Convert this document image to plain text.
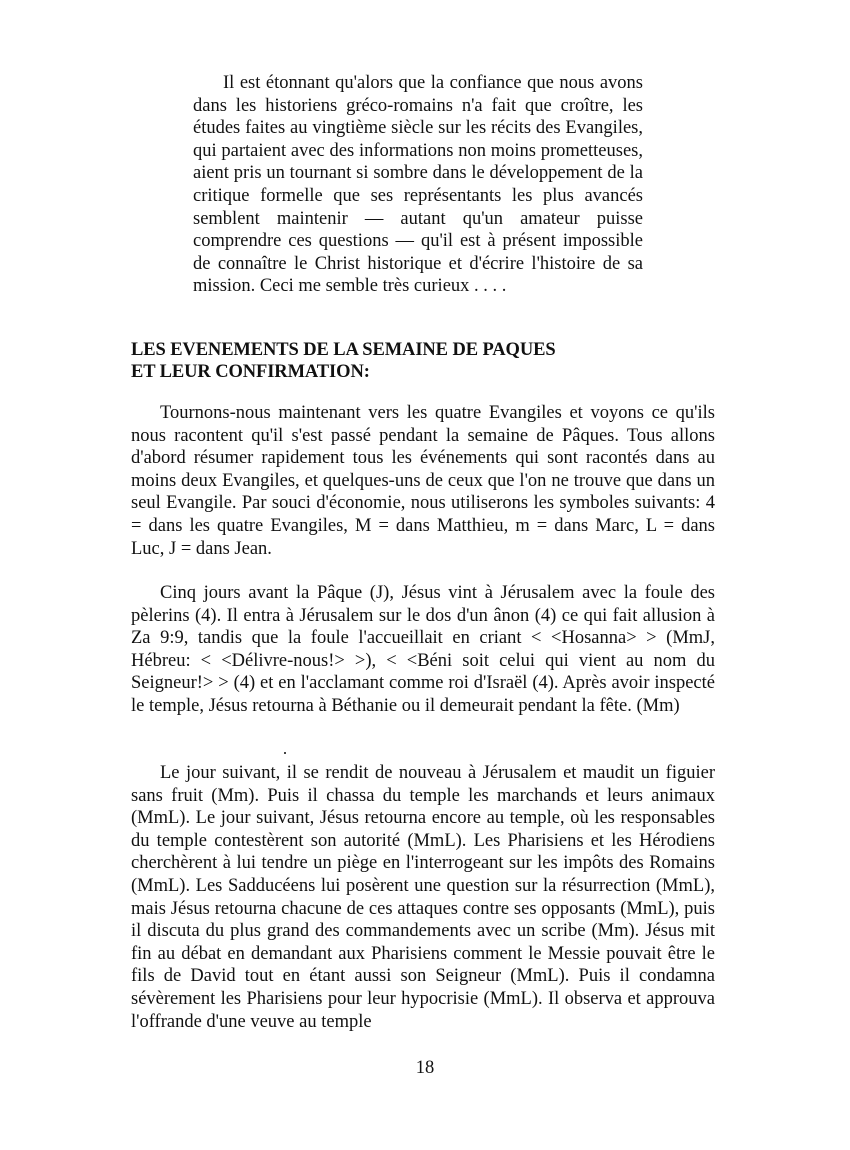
Il est étonnant qu'alors que la confiance que nous avons dans les historiens gréco-romains n'a fait que croître, les études faites au vingtième siècle sur les récits des Evangiles, qui partaient avec des informations non moins prometteuses, aient pris un tournant si sombre dans le développement de la critique formelle que ses représentants les plus avancés semblent maintenir — autant qu'un amateur puisse comprendre ces questions — qu'il est à présent impossible de connaître le Christ historique et d'écrire l'histoire de sa mission. Ceci me semble très curieux . . . .
LES EVENEMENTS DE LA SEMAINE DE PAQUES
ET LEUR CONFIRMATION:
Tournons-nous maintenant vers les quatre Evangiles et voyons ce qu'ils nous racontent qu'il s'est passé pendant la semaine de Pâques. Tous allons d'abord résumer rapidement tous les événements qui sont racontés dans au moins deux Evangiles, et quelques-uns de ceux que l'on ne trouve que dans un seul Evangile. Par souci d'économie, nous utiliserons les symboles suivants: 4 = dans les quatre Evangiles, M = dans Matthieu, m = dans Marc, L = dans Luc, J = dans Jean.
Cinq jours avant la Pâque (J), Jésus vint à Jérusalem avec la foule des pèlerins (4). Il entra à Jérusalem sur le dos d'un ânon (4) ce qui fait allusion à Za 9:9, tandis que la foule l'accueillait en criant < <Hosanna> > (MmJ, Hébreu: < <Délivre-nous!> >), < <Béni soit celui qui vient au nom du Seigneur!> > (4) et en l'acclamant comme roi d'Israël (4). Après avoir inspecté le temple, Jésus retourna à Béthanie ou il demeurait pendant la fête. (Mm)
Le jour suivant, il se rendit de nouveau à Jérusalem et maudit un figuier sans fruit (Mm). Puis il chassa du temple les marchands et leurs animaux (MmL). Le jour suivant, Jésus retourna encore au temple, où les responsables du temple contestèrent son autorité (MmL). Les Pharisiens et les Hérodiens cherchèrent à lui tendre un piège en l'interrogeant sur les impôts des Romains (MmL). Les Sadducéens lui posèrent une question sur la résurrection (MmL), mais Jésus retourna chacune de ces attaques contre ses opposants (MmL), puis il discuta du plus grand des commandements avec un scribe (Mm). Jésus mit fin au débat en demandant aux Pharisiens comment le Messie pouvait être le fils de David tout en étant aussi son Seigneur (MmL). Puis il condamna sévèrement les Pharisiens pour leur hypocrisie (MmL). Il observa et approuva l'offrande d'une veuve au temple
18
